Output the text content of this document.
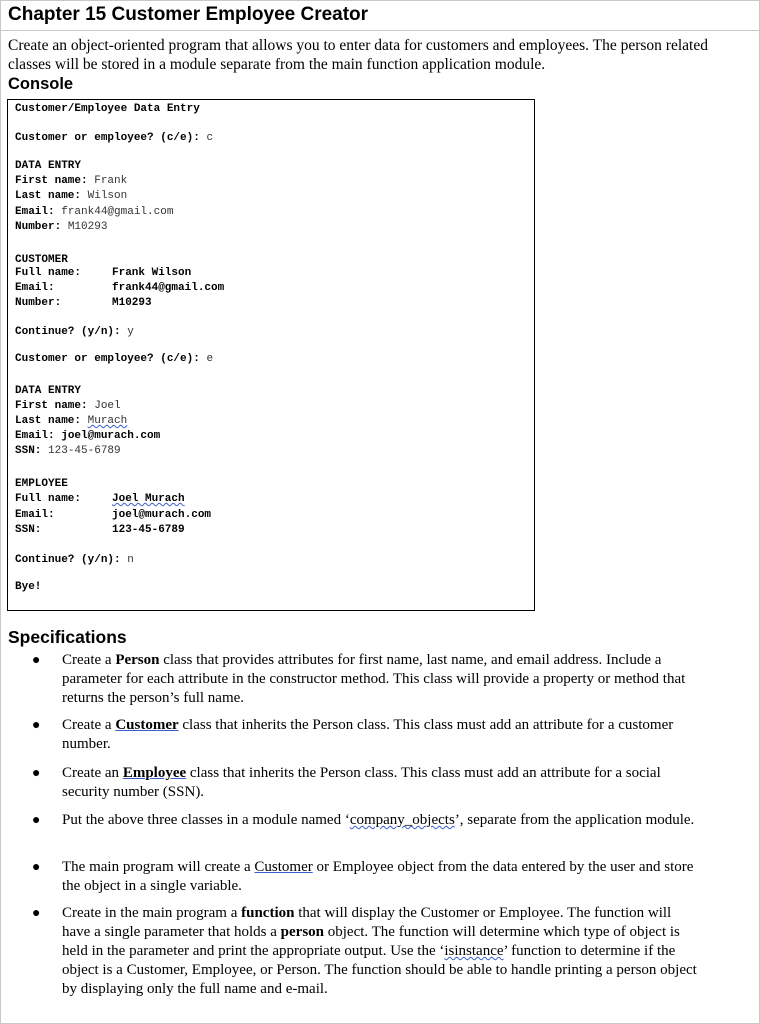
Chapter 15 Customer Employee Creator
Create an object-oriented program that allows you to enter data for customers and employees. The person related classes will be stored in a module separate from the main function application module.
Console
Customer/Employee Data Entry
Customer or employee? (c/e): c
DATA ENTRY
First name: Frank
Last name: Wilson
Email: frank44@gmail.com
Number: M10293
CUSTOMER
Full name:	Frank Wilson
Email:	frank44@gmail.com
Number:	M10293
Continue? (y/n): y
Customer or employee? (c/e): e
DATA ENTRY
First name: Joel
Last name: Murach
Email: joel@murach.com
SSN: 123-45-6789
EMPLOYEE
Full name:	Joel Murach
Email:	joel@murach.com
SSN:	123-45-6789
Continue? (y/n): n
Bye!
Specifications
● Create a Person class that provides attributes for first name, last name, and email address. Include a parameter for each attribute in the constructor method. This class will provide a property or method that returns the person’s full name.
● Create a Customer class that inherits the Person class. This class must add an attribute for a customer number.
● Create an Employee class that inherits the Person class. This class must add an attribute for a social security number (SSN).
● Put the above three classes in a module named ‘company_objects’, separate from the application module.
● The main program will create a Customer or Employee object from the data entered by the user and store the object in a single variable.
● Create in the main program a function that will display the Customer or Employee. The function will have a single parameter that holds a person object. The function will determine which type of object is held in the parameter and print the appropriate output. Use the ‘isinstance’ function to determine if the object is a Customer, Employee, or Person. The function should be able to handle printing a person object by displaying only the full name and e-mail.
